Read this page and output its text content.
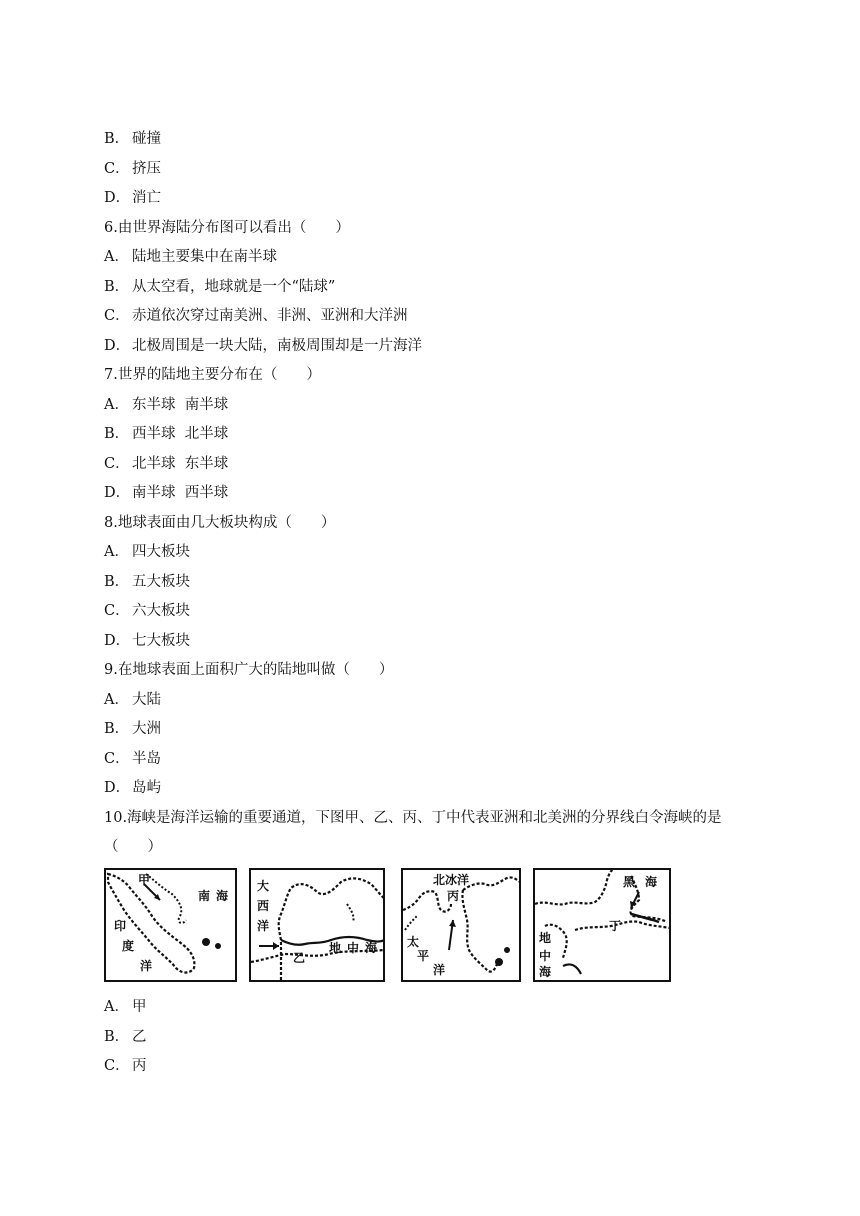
B． 碰撞
C． 挤压
D． 消亡
6.由世界海陆分布图可以看出（　　）
A． 陆地主要集中在南半球
B． 从太空看，地球就是一个“陆球”
C． 赤道依次穿过南美洲、非洲、亚洲和大洋洲
D． 北极周围是一块大陆，南极周围却是一片海洋
7.世界的陆地主要分布在（　　）
A． 东半球  南半球
B． 西半球  北半球
C． 北半球  东半球
D． 南半球  西半球
8.地球表面由几大板块构成（　　）
A． 四大板块
B． 五大板块
C． 六大板块
D． 七大板块
9.在地球表面上面积广大的陆地叫做（　　）
A． 大陆
B． 大洲
C． 半岛
D． 岛屿
10.海峡是海洋运输的重要通道，下图甲、乙、丙、丁中代表亚洲和北美洲的分界线白令海峡的是
（　　）
甲
南 海
印
度
洋
大
西
洋
乙
地 中 海
北冰洋
丙
太
平
洋
黑 海
丁
地
中
海
A． 甲
B． 乙
C． 丙
